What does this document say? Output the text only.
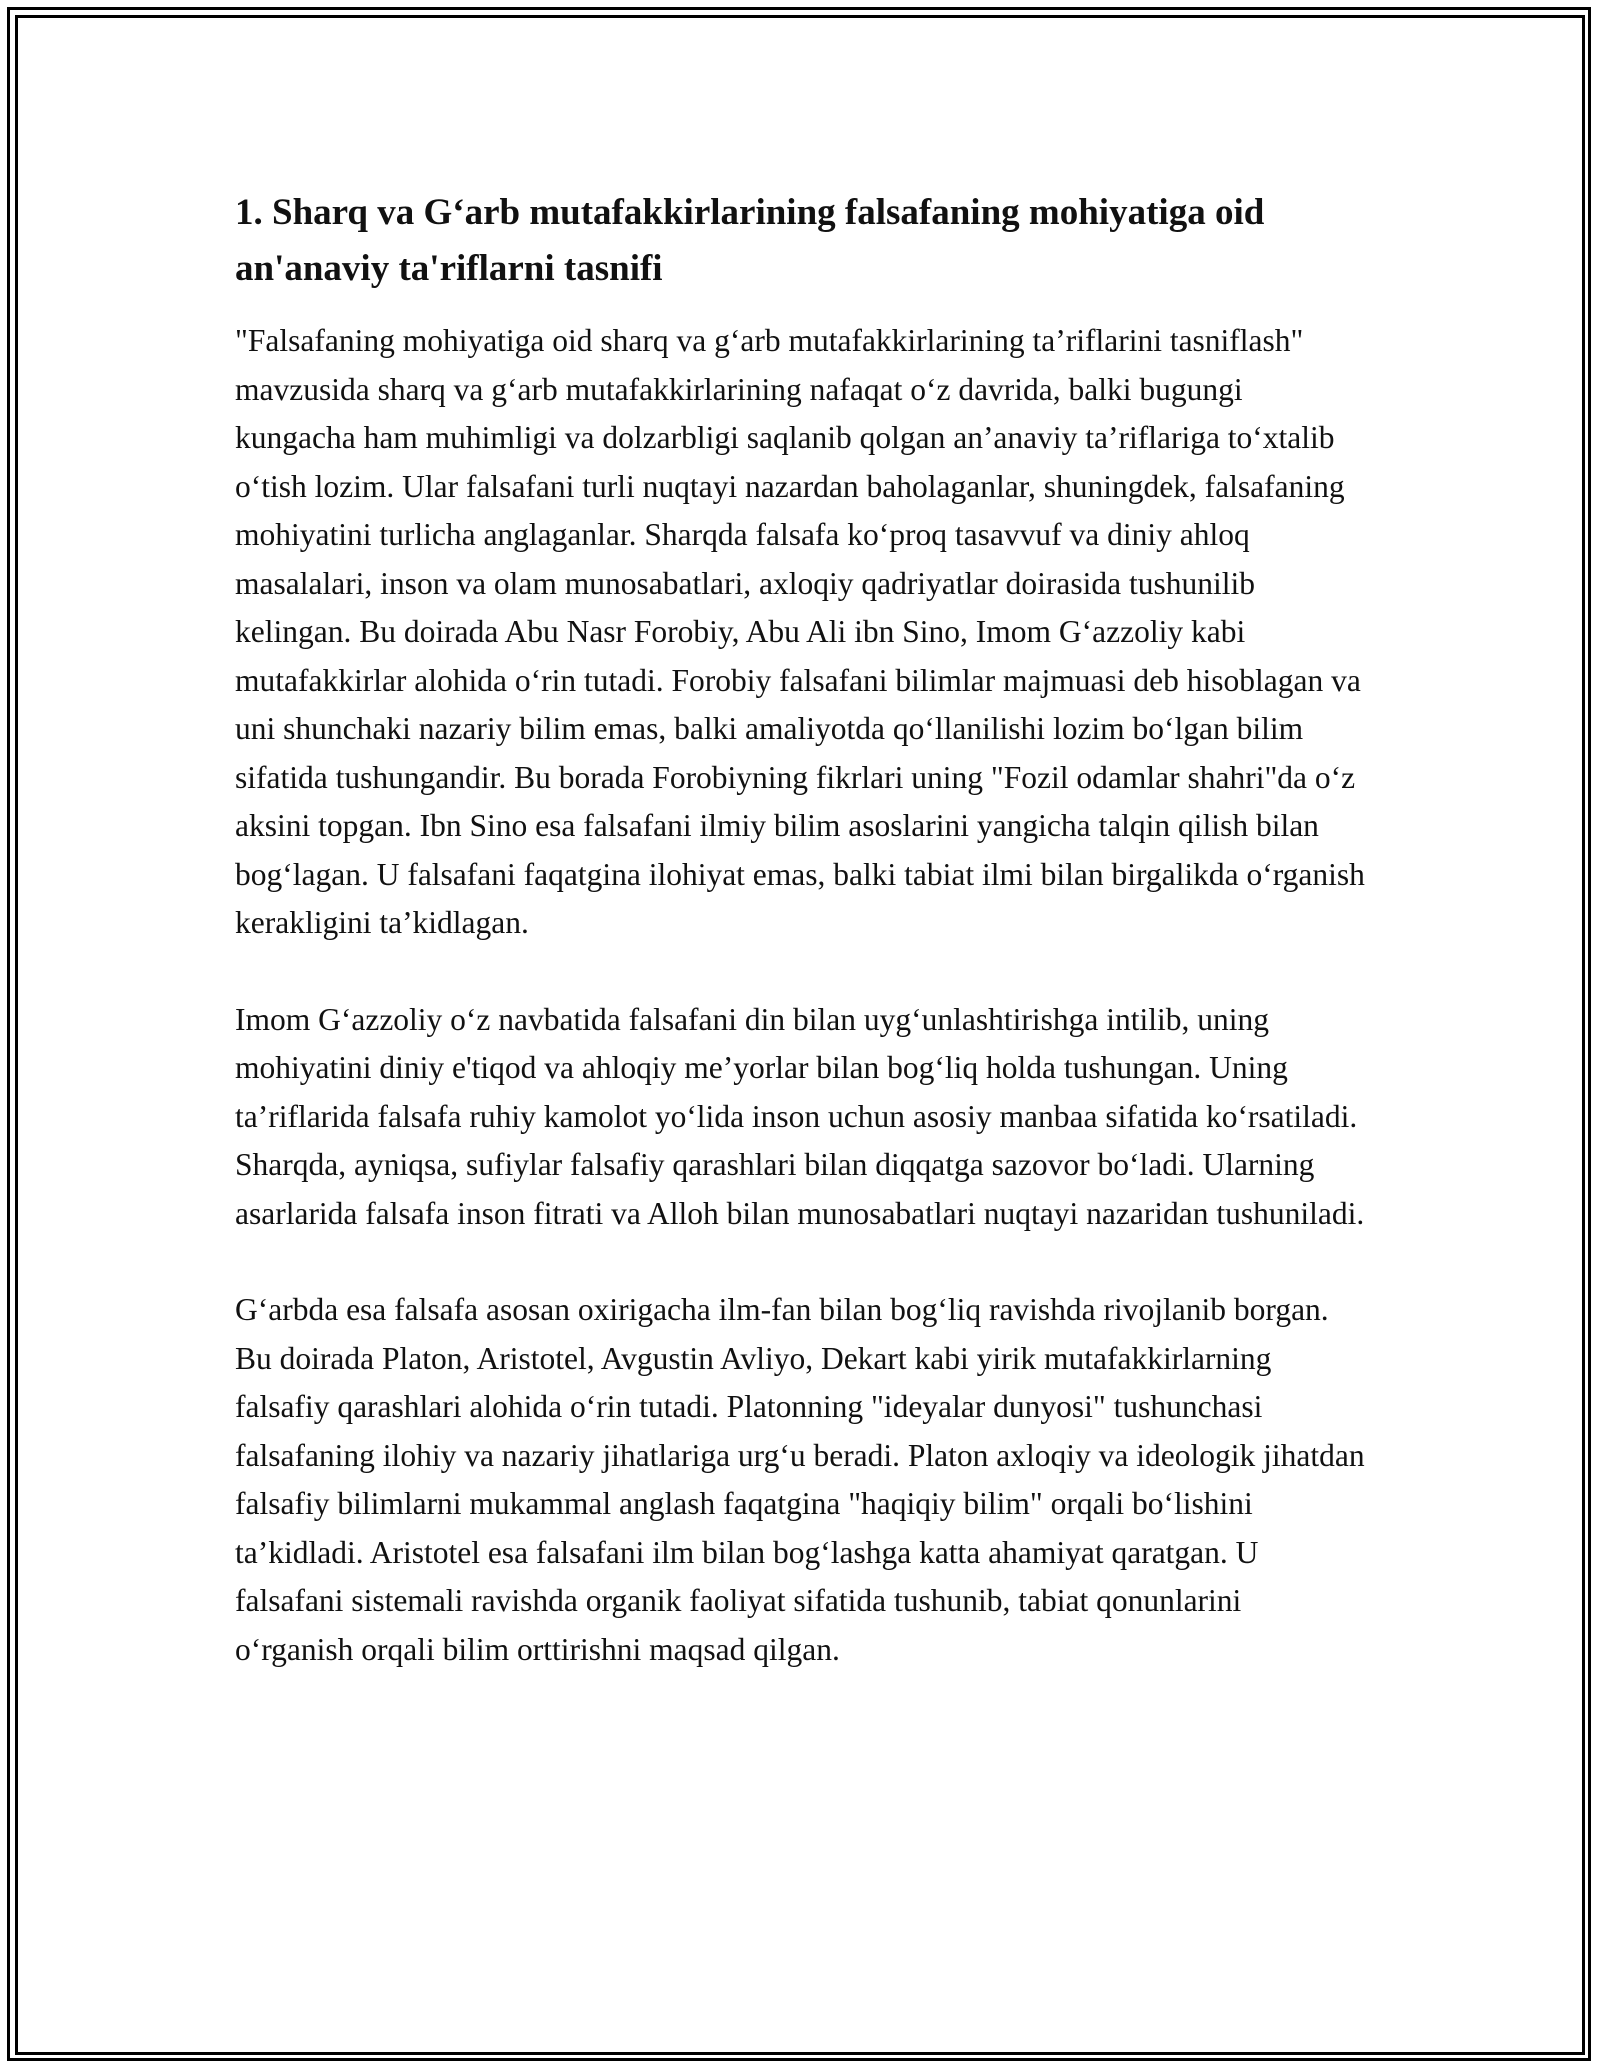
1. Sharq va G‘arb mutafakkirlarining falsafaning mohiyatiga oid an'anaviy ta'riflarni tasnifi

"Falsafaning mohiyatiga oid sharq va g‘arb mutafakkirlarining ta’riflarini tasniflash" mavzusida sharq va g‘arb mutafakkirlarining nafaqat o‘z davrida, balki bugungi kungacha ham muhimligi va dolzarbligi saqlanib qolgan an’anaviy ta’riflariga to‘xtalib o‘tish lozim. Ular falsafani turli nuqtayi nazardan baholaganlar, shuningdek, falsafaning mohiyatini turlicha anglaganlar. Sharqda falsafa ko‘proq tasavvuf va diniy ahloq masalalari, inson va olam munosabatlari, axloqiy qadriyatlar doirasida tushunilib kelingan. Bu doirada Abu Nasr Forobiy, Abu Ali ibn Sino, Imom G‘azzoliy kabi mutafakkirlar alohida o‘rin tutadi. Forobiy falsafani bilimlar majmuasi deb hisoblagan va uni shunchaki nazariy bilim emas, balki amaliyotda qo‘llanilishi lozim bo‘lgan bilim sifatida tushungandir. Bu borada Forobiyning fikrlari uning "Fozil odamlar shahri"da o‘z aksini topgan. Ibn Sino esa falsafani ilmiy bilim asoslarini yangicha talqin qilish bilan bog‘lagan. U falsafani faqatgina ilohiyat emas, balki tabiat ilmi bilan birgalikda o‘rganish kerakligini ta’kidlagan.

Imom G‘azzoliy o‘z navbatida falsafani din bilan uyg‘unlashtirishga intilib, uning mohiyatini diniy e'tiqod va ahloqiy me’yorlar bilan bog‘liq holda tushungan. Uning ta’riflarida falsafa ruhiy kamolot yo‘lida inson uchun asosiy manbaa sifatida ko‘rsatiladi. Sharqda, ayniqsa, sufiylar falsafiy qarashlari bilan diqqatga sazovor bo‘ladi. Ularning asarlarida falsafa inson fitrati va Alloh bilan munosabatlari nuqtayi nazaridan tushuniladi.

G‘arbda esa falsafa asosan oxirigacha ilm-fan bilan bog‘liq ravishda rivojlanib borgan. Bu doirada Platon, Aristotel, Avgustin Avliyo, Dekart kabi yirik mutafakkirlarning falsafiy qarashlari alohida o‘rin tutadi. Platonning "ideyalar dunyosi" tushunchasi falsafaning ilohiy va nazariy jihatlariga urg‘u beradi. Platon axloqiy va ideologik jihatdan falsafiy bilimlarni mukammal anglash faqatgina "haqiqiy bilim" orqali bo‘lishini ta’kidladi. Aristotel esa falsafani ilm bilan bog‘lashga katta ahamiyat qaratgan. U falsafani sistemali ravishda organik faoliyat sifatida tushunib, tabiat qonunlarini o‘rganish orqali bilim orttirishni maqsad qilgan.
